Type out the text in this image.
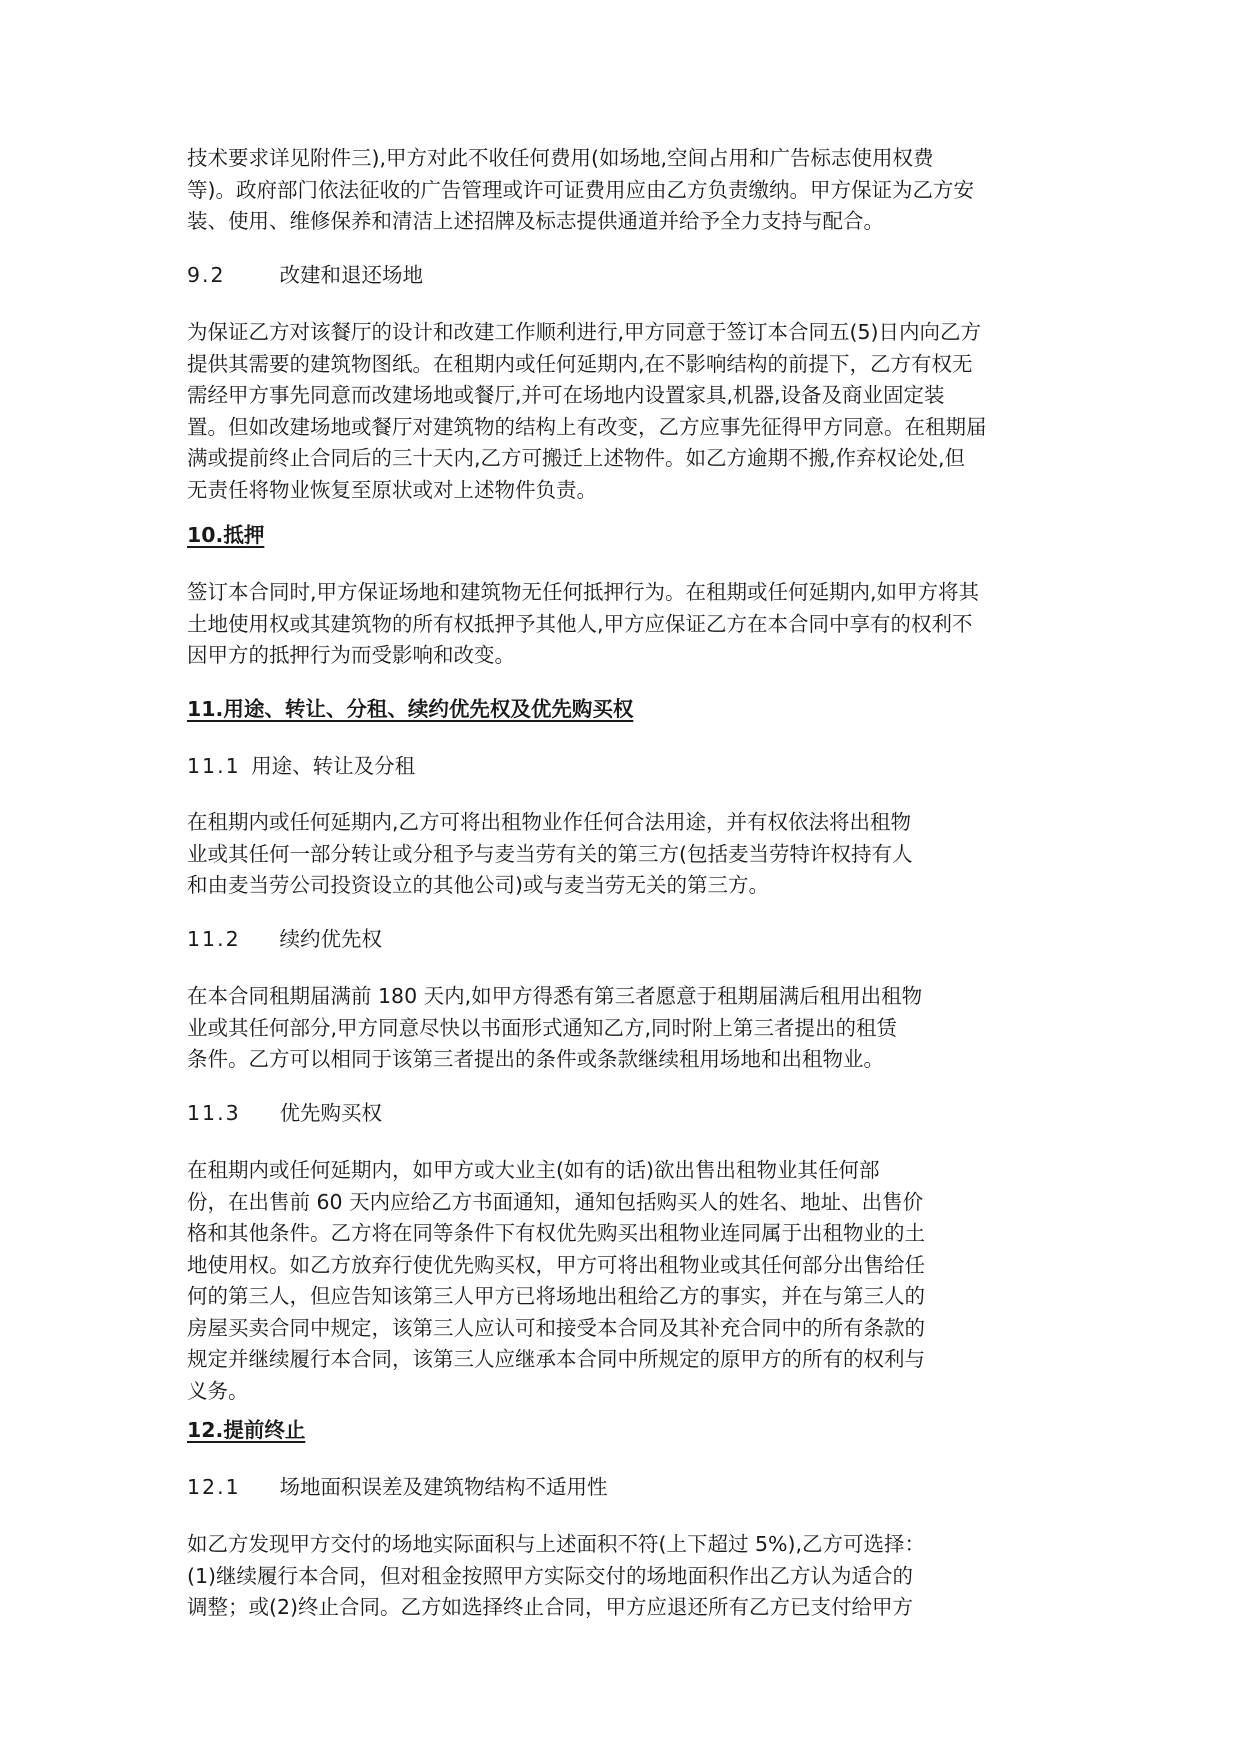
技术要求详见附件三),甲方对此不收任何费用(如场地,空间占用和广告标志使用权费
等)。政府部门依法征收的广告管理或许可证费用应由乙方负责缴纳。甲方保证为乙方安
装、使用、维修保养和清洁上述招牌及标志提供通道并给予全力支持与配合。
9.2	改建和退还场地
为保证乙方对该餐厅的设计和改建工作顺利进行,甲方同意于签订本合同五(5)日内向乙方
提供其需要的建筑物图纸。在租期内或任何延期内,在不影响结构的前提下，乙方有权无
需经甲方事先同意而改建场地或餐厅,并可在场地内设置家具,机器,设备及商业固定装
置。但如改建场地或餐厅对建筑物的结构上有改变，乙方应事先征得甲方同意。在租期届
满或提前终止合同后的三十天内,乙方可搬迁上述物件。如乙方逾期不搬,作弃权论处,但
无责任将物业恢复至原状或对上述物件负责。
10.抵押
签订本合同时,甲方保证场地和建筑物无任何抵押行为。在租期或任何延期内,如甲方将其
土地使用权或其建筑物的所有权抵押予其他人,甲方应保证乙方在本合同中享有的权利不
因甲方的抵押行为而受影响和改变。
11.用途、转让、分租、续约优先权及优先购买权
11.1 用途、转让及分租
在租期内或任何延期内,乙方可将出租物业作任何合法用途，并有权依法将出租物
业或其任何一部分转让或分租予与麦当劳有关的第三方(包括麦当劳特许权持有人
和由麦当劳公司投资设立的其他公司)或与麦当劳无关的第三方。
11.2 续约优先权
在本合同租期届满前 180 天内,如甲方得悉有第三者愿意于租期届满后租用出租物
业或其任何部分,甲方同意尽快以书面形式通知乙方,同时附上第三者提出的租赁
条件。乙方可以相同于该第三者提出的条件或条款继续租用场地和出租物业。
11.3 优先购买权
在租期内或任何延期内，如甲方或大业主(如有的话)欲出售出租物业其任何部
份，在出售前 60 天内应给乙方书面通知，通知包括购买人的姓名、地址、出售价
格和其他条件。乙方将在同等条件下有权优先购买出租物业连同属于出租物业的土
地使用权。如乙方放弃行使优先购买权，甲方可将出租物业或其任何部分出售给任
何的第三人，但应告知该第三人甲方已将场地出租给乙方的事实，并在与第三人的
房屋买卖合同中规定，该第三人应认可和接受本合同及其补充合同中的所有条款的
规定并继续履行本合同，该第三人应继承本合同中所规定的原甲方的所有的权利与
义务。
12.提前终止
12.1 场地面积误差及建筑物结构不适用性
如乙方发现甲方交付的场地实际面积与上述面积不符(上下超过 5%),乙方可选择：
(1)继续履行本合同，但对租金按照甲方实际交付的场地面积作出乙方认为适合的
调整；或(2)终止合同。乙方如选择终止合同，甲方应退还所有乙方已支付给甲方
